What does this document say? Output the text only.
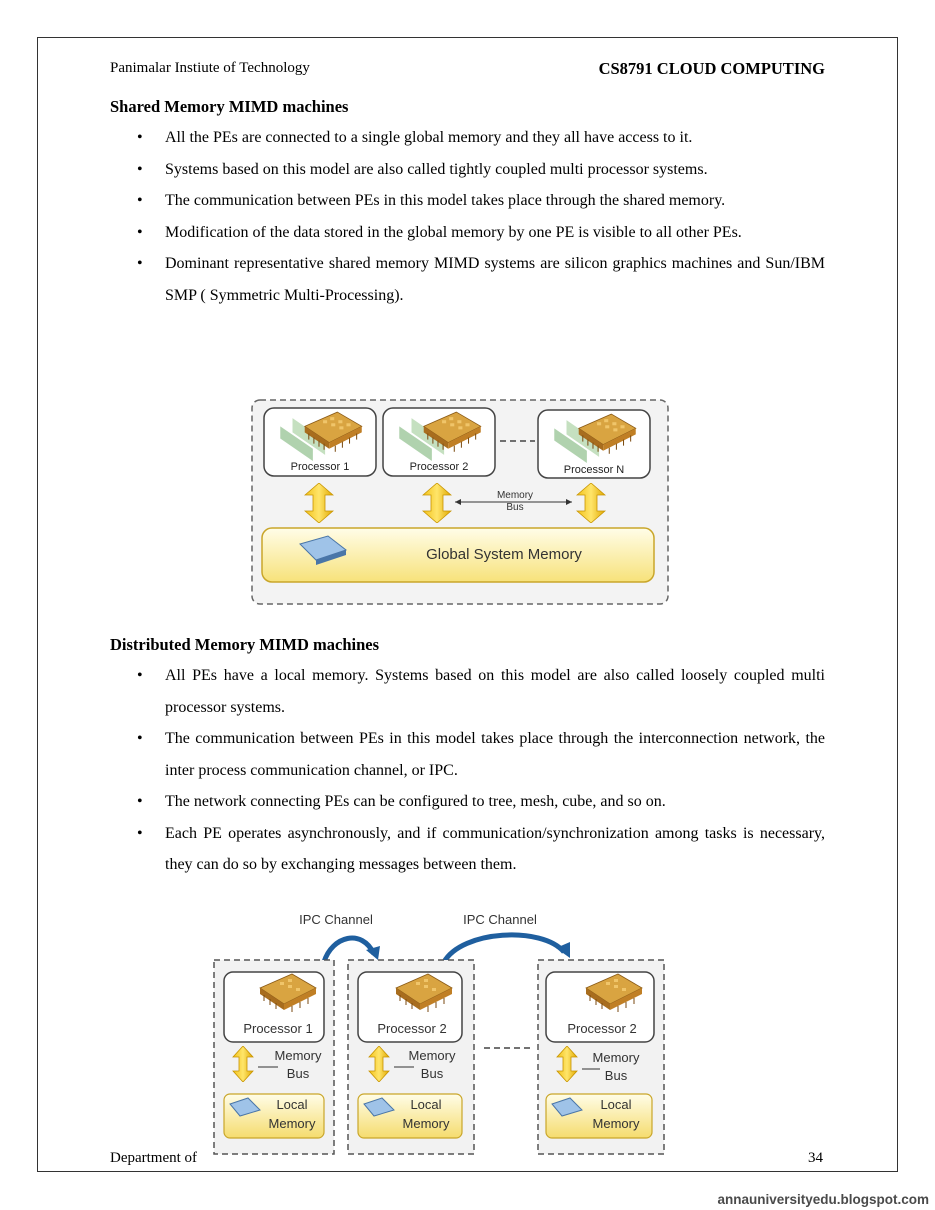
Panimalar Instiute of Technology	CS8791 CLOUD COMPUTING
Shared Memory MIMD machines
• All the PEs are connected to a single global memory and they all have access to it.
• Systems based on this model are also called tightly coupled multi processor systems.
• The communication between PEs in this model takes place through the shared memory.
• Modification of the data stored in the global memory by one PE is visible to all other PEs.
• Dominant representative shared memory MIMD systems are silicon graphics machines and Sun/IBM SMP ( Symmetric Multi-Processing).
Processor 1	Processor 2	Processor N
Memory
Bus
Global System Memory
Distributed Memory MIMD machines
• All PEs have a local memory. Systems based on this model are also called loosely coupled multi processor systems.
• The communication between PEs in this model takes place through the interconnection network, the inter process communication channel, or IPC.
• The network connecting PEs can be configured to tree, mesh, cube, and so on.
• Each PE operates asynchronously, and if communication/synchronization among tasks is necessary, they can do so by exchanging messages between them.
IPC Channel	IPC Channel
Processor 1
Memory
Bus
Local
Memory
Processor 2
Memory
Bus
Local
Memory
Processor 2
Memory
Bus
Local
Memory
Department of	34
annauniversityedu.blogspot.com
